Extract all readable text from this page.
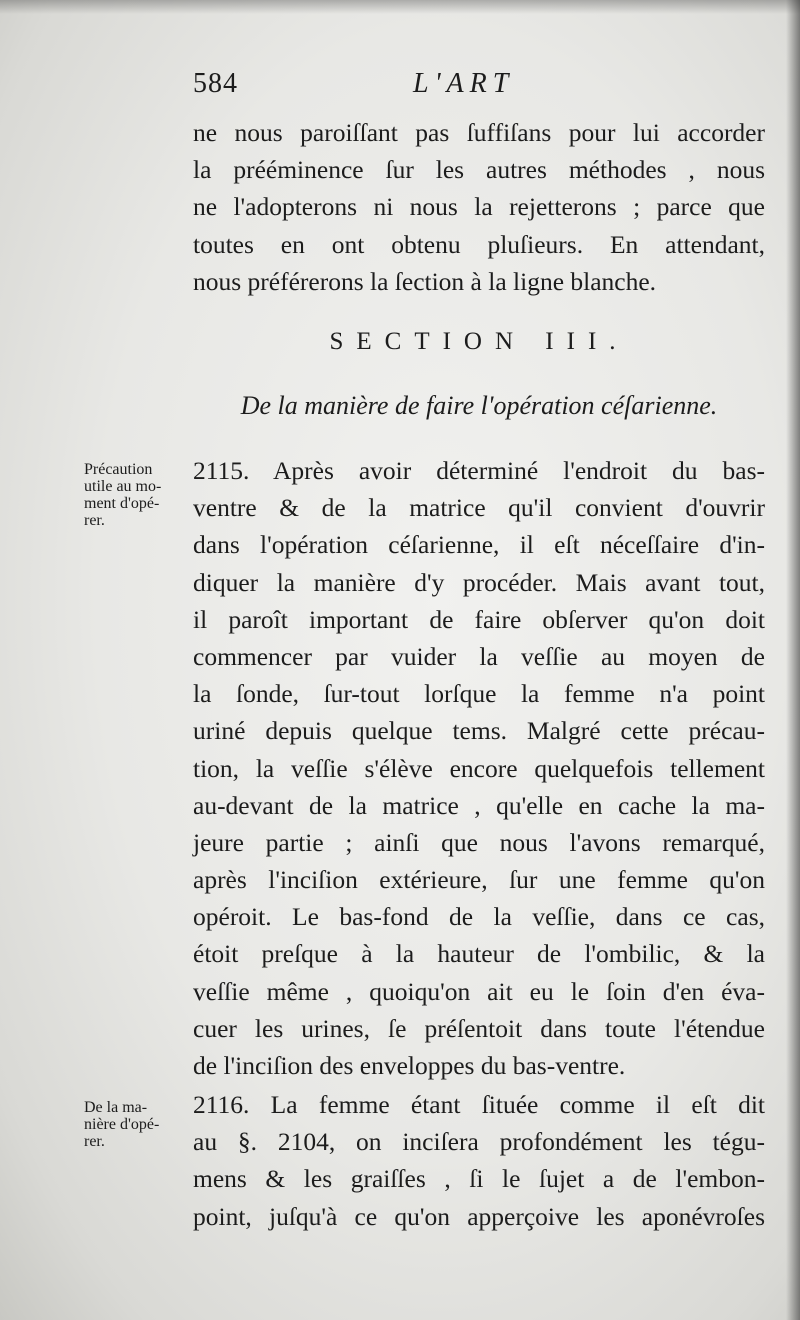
584	L'ART
ne nous paroiſſant pas ſuffiſans pour lui accorder
la prééminence ſur les autres méthodes , nous
ne l'adopterons ni nous la rejetterons ; parce que
toutes en ont obtenu pluſieurs. En attendant,
nous préférerons la ſection à la ligne blanche.
SECTION III.
De la manière de faire l'opération céſarienne.
Précaution
utile au mo-
ment d'opé-
rer.
2115. Après avoir déterminé l'endroit du bas-
ventre & de la matrice qu'il convient d'ouvrir
dans l'opération céſarienne, il eſt néceſſaire d'in-
diquer la manière d'y procéder. Mais avant tout,
il paroît important de faire obſerver qu'on doit
commencer par vuider la veſſie au moyen de
la ſonde, ſur-tout lorſque la femme n'a point
uriné depuis quelque tems. Malgré cette précau-
tion, la veſſie s'élève encore quelquefois tellement
au-devant de la matrice , qu'elle en cache la ma-
jeure partie ; ainſi que nous l'avons remarqué,
après l'inciſion extérieure, ſur une femme qu'on
opéroit. Le bas-fond de la veſſie, dans ce cas,
étoit preſque à la hauteur de l'ombilic, & la
veſſie même , quoiqu'on ait eu le ſoin d'en éva-
cuer les urines, ſe préſentoit dans toute l'étendue
de l'inciſion des enveloppes du bas-ventre.
De la ma-
nière d'opé-
rer.
2116. La femme étant ſituée comme il eſt dit
au §. 2104, on inciſera profondément les tégu-
mens & les graiſſes , ſi le ſujet a de l'embon-
point, juſqu'à ce qu'on apperçoive les aponévroſes
